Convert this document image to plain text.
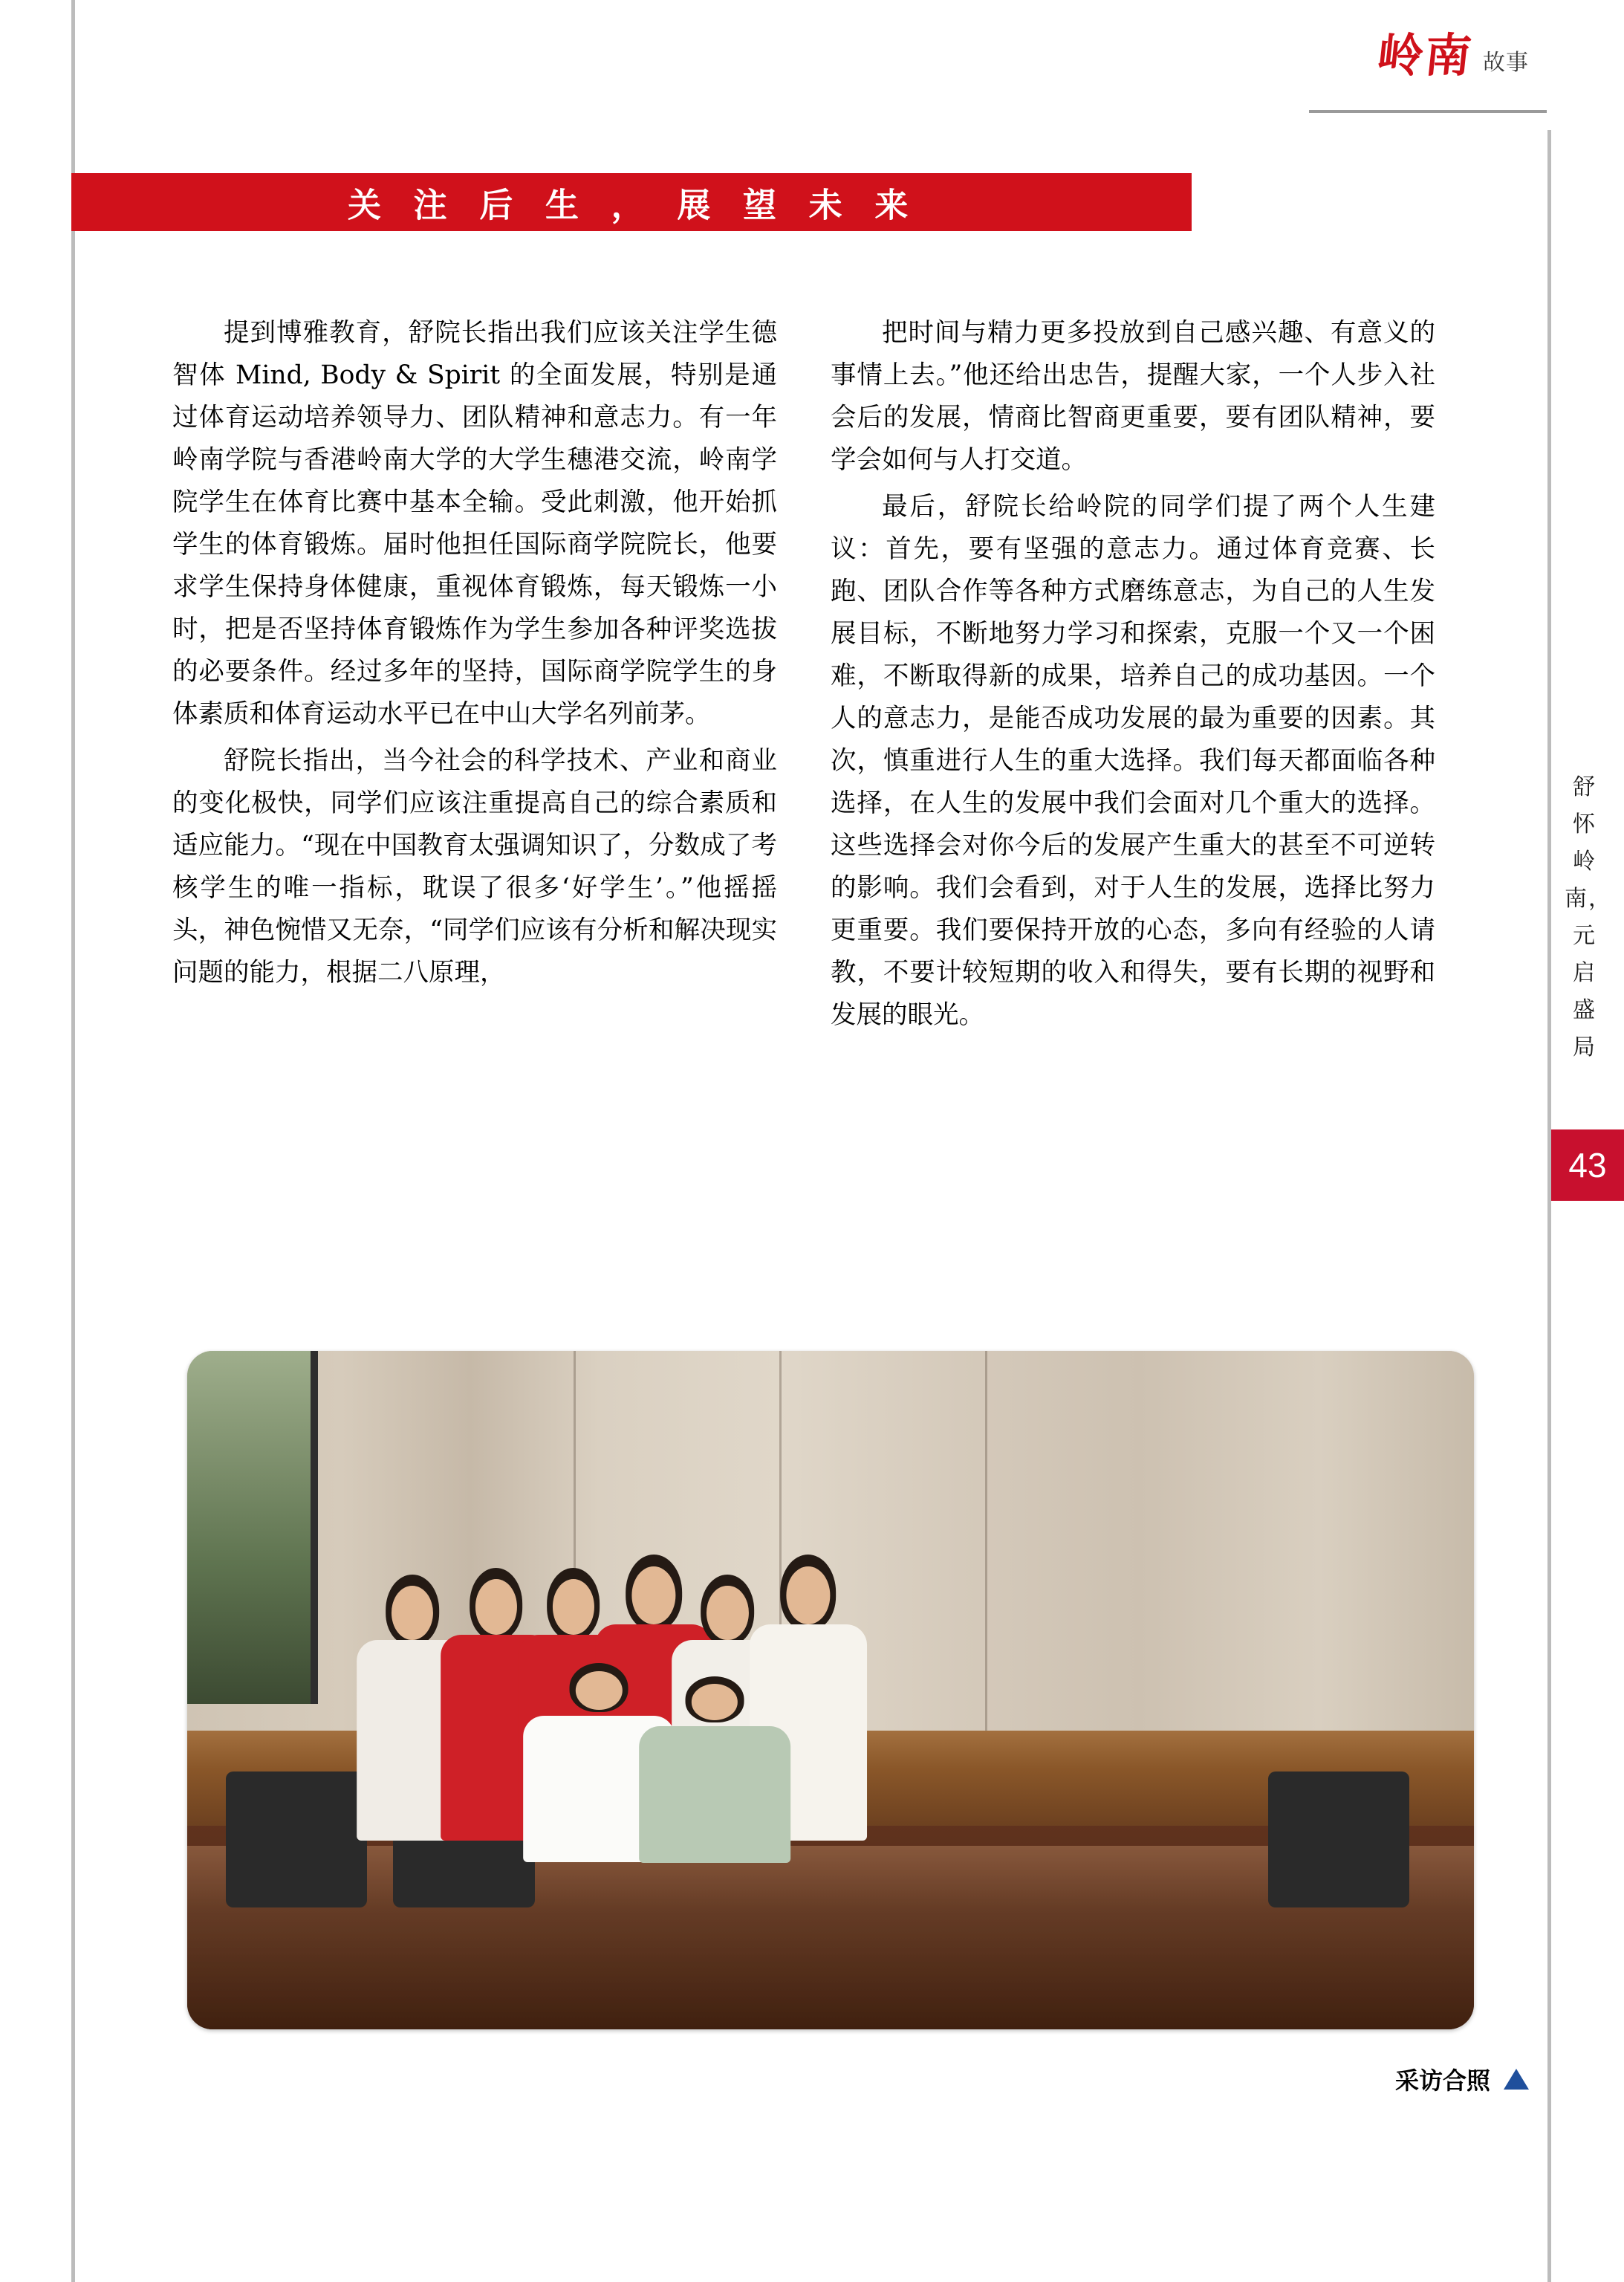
岭南 故事
关 注 后 生 ， 展 望 未 来

提到博雅教育，舒院长指出我们应该关注学生德智体 Mind, Body & Spirit 的全面发展，特别是通过体育运动培养领导力、团队精神和意志力。有一年岭南学院与香港岭南大学的大学生穗港交流，岭南学院学生在体育比赛中基本全输。受此刺激，他开始抓学生的体育锻炼。届时他担任国际商学院院长，他要求学生保持身体健康，重视体育锻炼，每天锻炼一小时，把是否坚持体育锻炼作为学生参加各种评奖选拔的必要条件。经过多年的坚持，国际商学院学生的身体素质和体育运动水平已在中山大学名列前茅。

舒院长指出，当今社会的科学技术、产业和商业的变化极快，同学们应该注重提高自己的综合素质和适应能力。“现在中国教育太强调知识了，分数成了考核学生的唯一指标，耽误了很多‘好学生’。”他摇摇头，神色惋惜又无奈，“同学们应该有分析和解决现实问题的能力，根据二八原理，

把时间与精力更多投放到自己感兴趣、有意义的事情上去。”他还给出忠告，提醒大家，一个人步入社会后的发展，情商比智商更重要，要有团队精神，要学会如何与人打交道。

最后，舒院长给岭院的同学们提了两个人生建议：首先，要有坚强的意志力。通过体育竞赛、长跑、团队合作等各种方式磨练意志，为自己的人生发展目标，不断地努力学习和探索，克服一个又一个困难，不断取得新的成果，培养自己的成功基因。一个人的意志力，是能否成功发展的最为重要的因素。其次，慎重进行人生的重大选择。我们每天都面临各种选择，在人生的发展中我们会面对几个重大的选择。这些选择会对你今后的发展产生重大的甚至不可逆转的影响。我们会看到，对于人生的发展，选择比努力更重要。我们要保持开放的心态，多向有经验的人请教，不要计较短期的收入和得失，要有长期的视野和发展的眼光。

舒怀岭南，元启盛局
43
采访合照
